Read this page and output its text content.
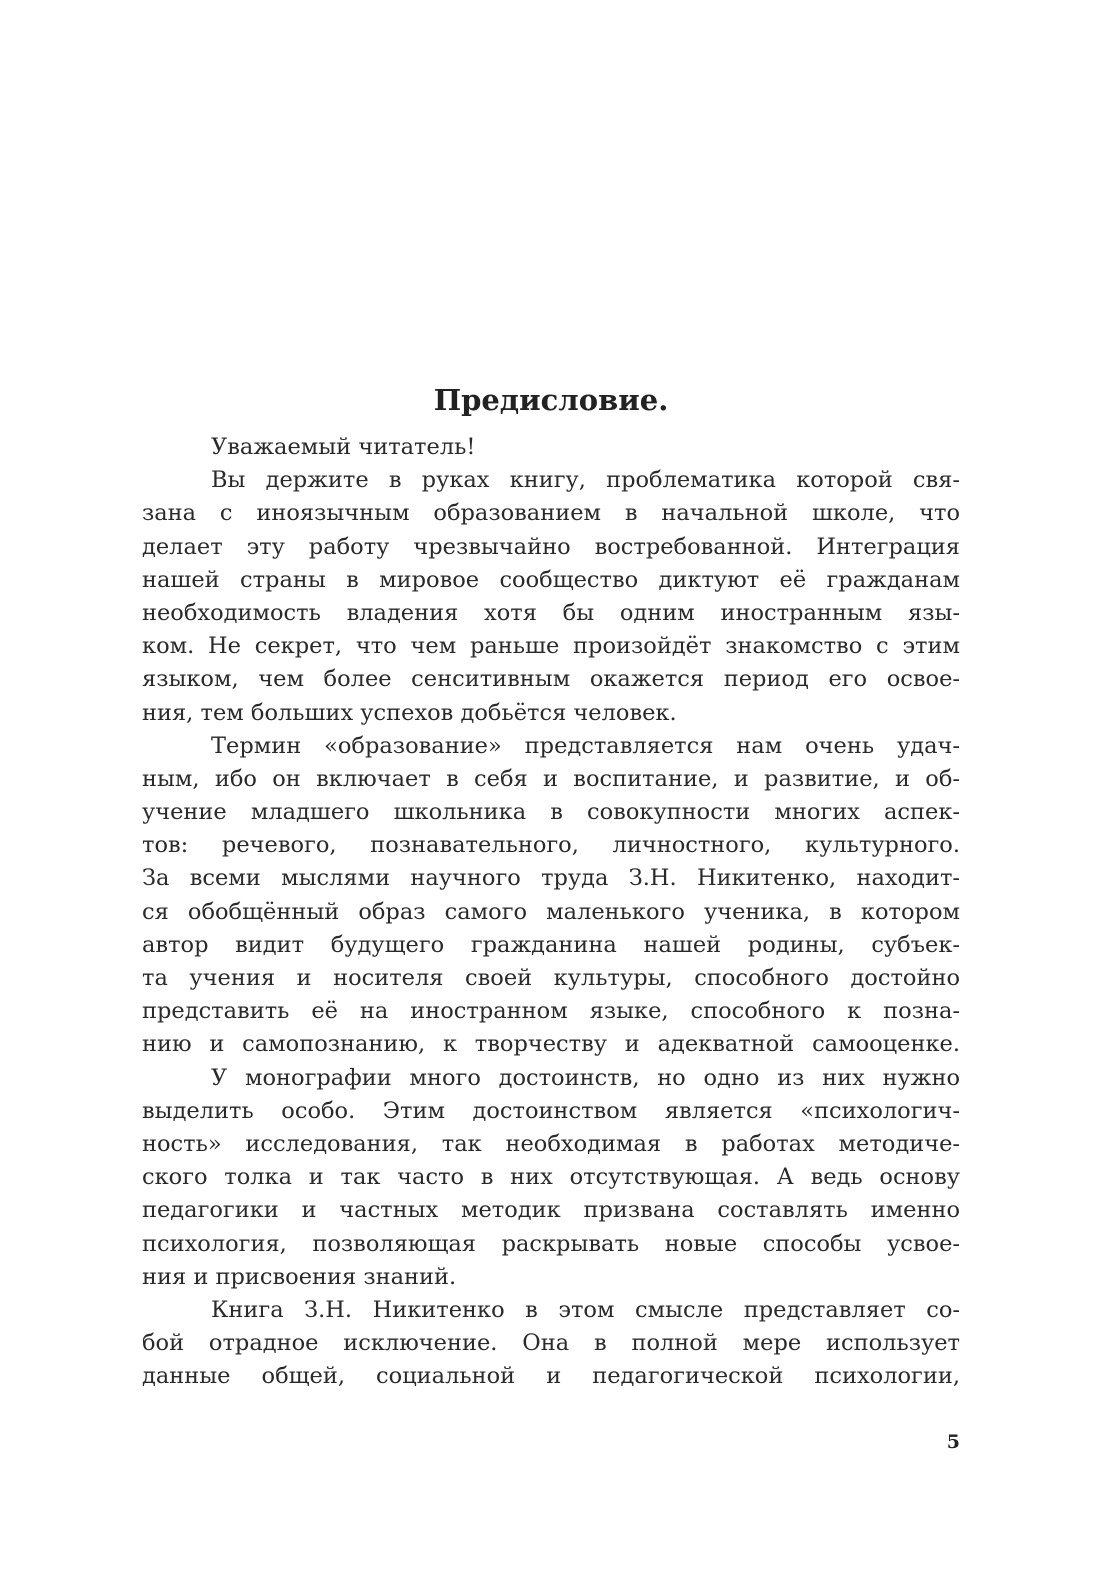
Предисловие.
Уважаемый читатель!
Вы держите в руках книгу, проблематика которой свя-
зана с иноязычным образованием в начальной школе, что
делает эту работу чрезвычайно востребованной. Интеграция
нашей страны в мировое сообщество диктуют её гражданам
необходимость владения хотя бы одним иностранным язы-
ком. Не секрет, что чем раньше произойдёт знакомство с этим
языком, чем более сенситивным окажется период его освое-
ния, тем больших успехов добьётся человек.
Термин «образование» представляется нам очень удач-
ным, ибо он включает в себя и воспитание, и развитие, и об-
учение младшего школьника в совокупности многих аспек-
тов: речевого, познавательного, личностного, культурного.
За всеми мыслями научного труда З.Н. Никитенко, находит-
ся обобщённый образ самого маленького ученика, в котором
автор видит будущего гражданина нашей родины, субъек-
та учения и носителя своей культуры, способного достойно
представить её на иностранном языке, способного к позна-
нию и самопознанию, к творчеству и адекватной самооценке.
У монографии много достоинств, но одно из них нужно
выделить особо. Этим достоинством является «психологич-
ность» исследования, так необходимая в работах методиче-
ского толка и так часто в них отсутствующая. А ведь основу
педагогики и частных методик призвана составлять именно
психология, позволяющая раскрывать новые способы усвое-
ния и присвоения знаний.
Книга З.Н. Никитенко в этом смысле представляет со-
бой отрадное исключение. Она в полной мере использует
данные общей, социальной и педагогической психологии,
5
